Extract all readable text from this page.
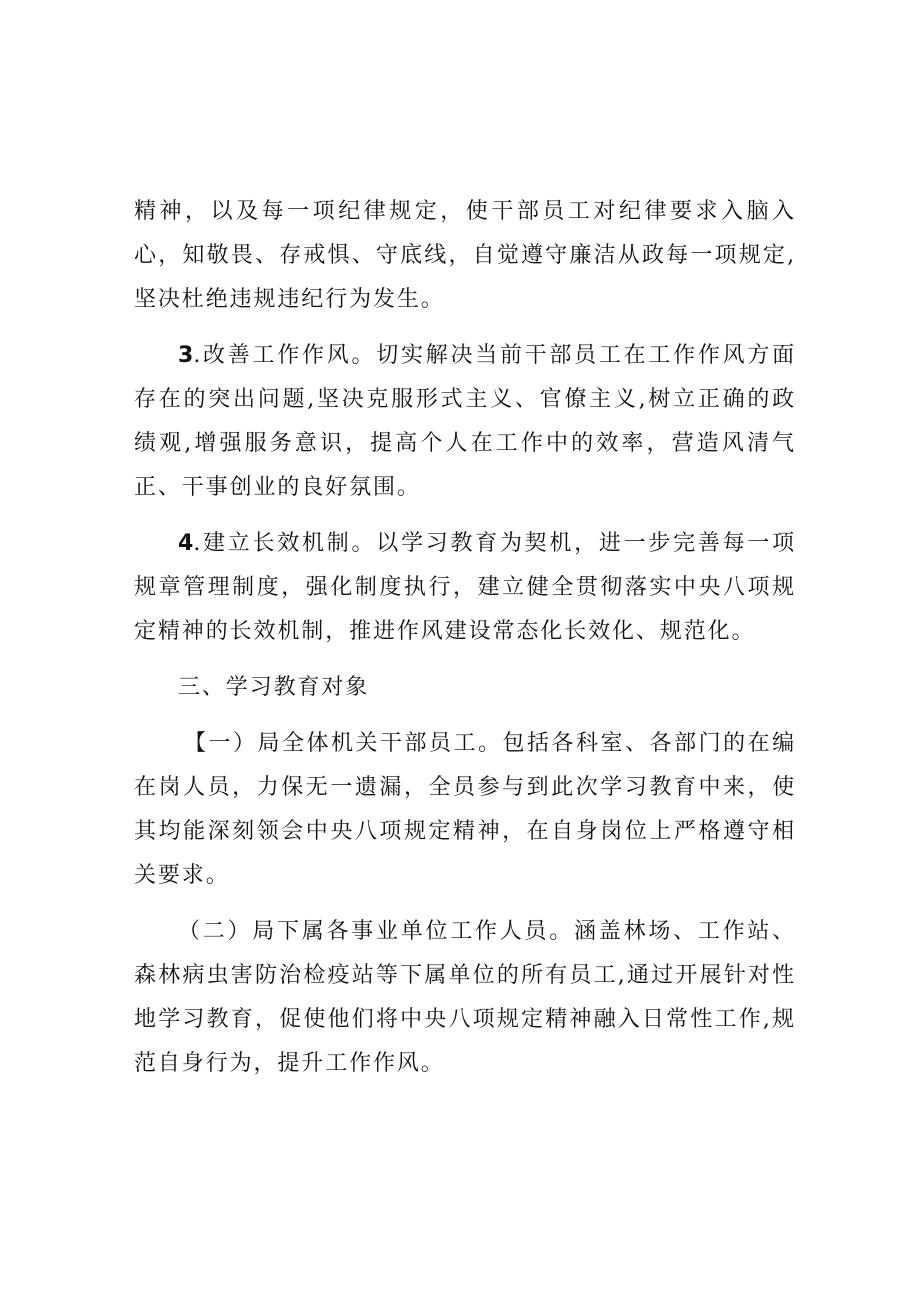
精神，以及每一项纪律规定，使干部员工对纪律要求入脑入心，知敬畏、存戒惧、守底线，自觉遵守廉洁从政每一项规定,坚决杜绝违规违纪行为发生。

3.改善工作作风。切实解决当前干部员工在工作作风方面存在的突出问题,坚决克服形式主义、官僚主义,树立正确的政绩观,增强服务意识，提高个人在工作中的效率，营造风清气正、干事创业的良好氛围。

4.建立长效机制。以学习教育为契机，进一步完善每一项规章管理制度，强化制度执行，建立健全贯彻落实中央八项规定精神的长效机制，推进作风建设常态化长效化、规范化。

三、学习教育对象

【一）局全体机关干部员工。包括各科室、各部门的在编在岗人员，力保无一遗漏，全员参与到此次学习教育中来，使其均能深刻领会中央八项规定精神，在自身岗位上严格遵守相关要求。

（二）局下属各事业单位工作人员。涵盖林场、工作站、森林病虫害防治检疫站等下属单位的所有员工,通过开展针对性地学习教育，促使他们将中央八项规定精神融入日常性工作,规范自身行为，提升工作作风。
